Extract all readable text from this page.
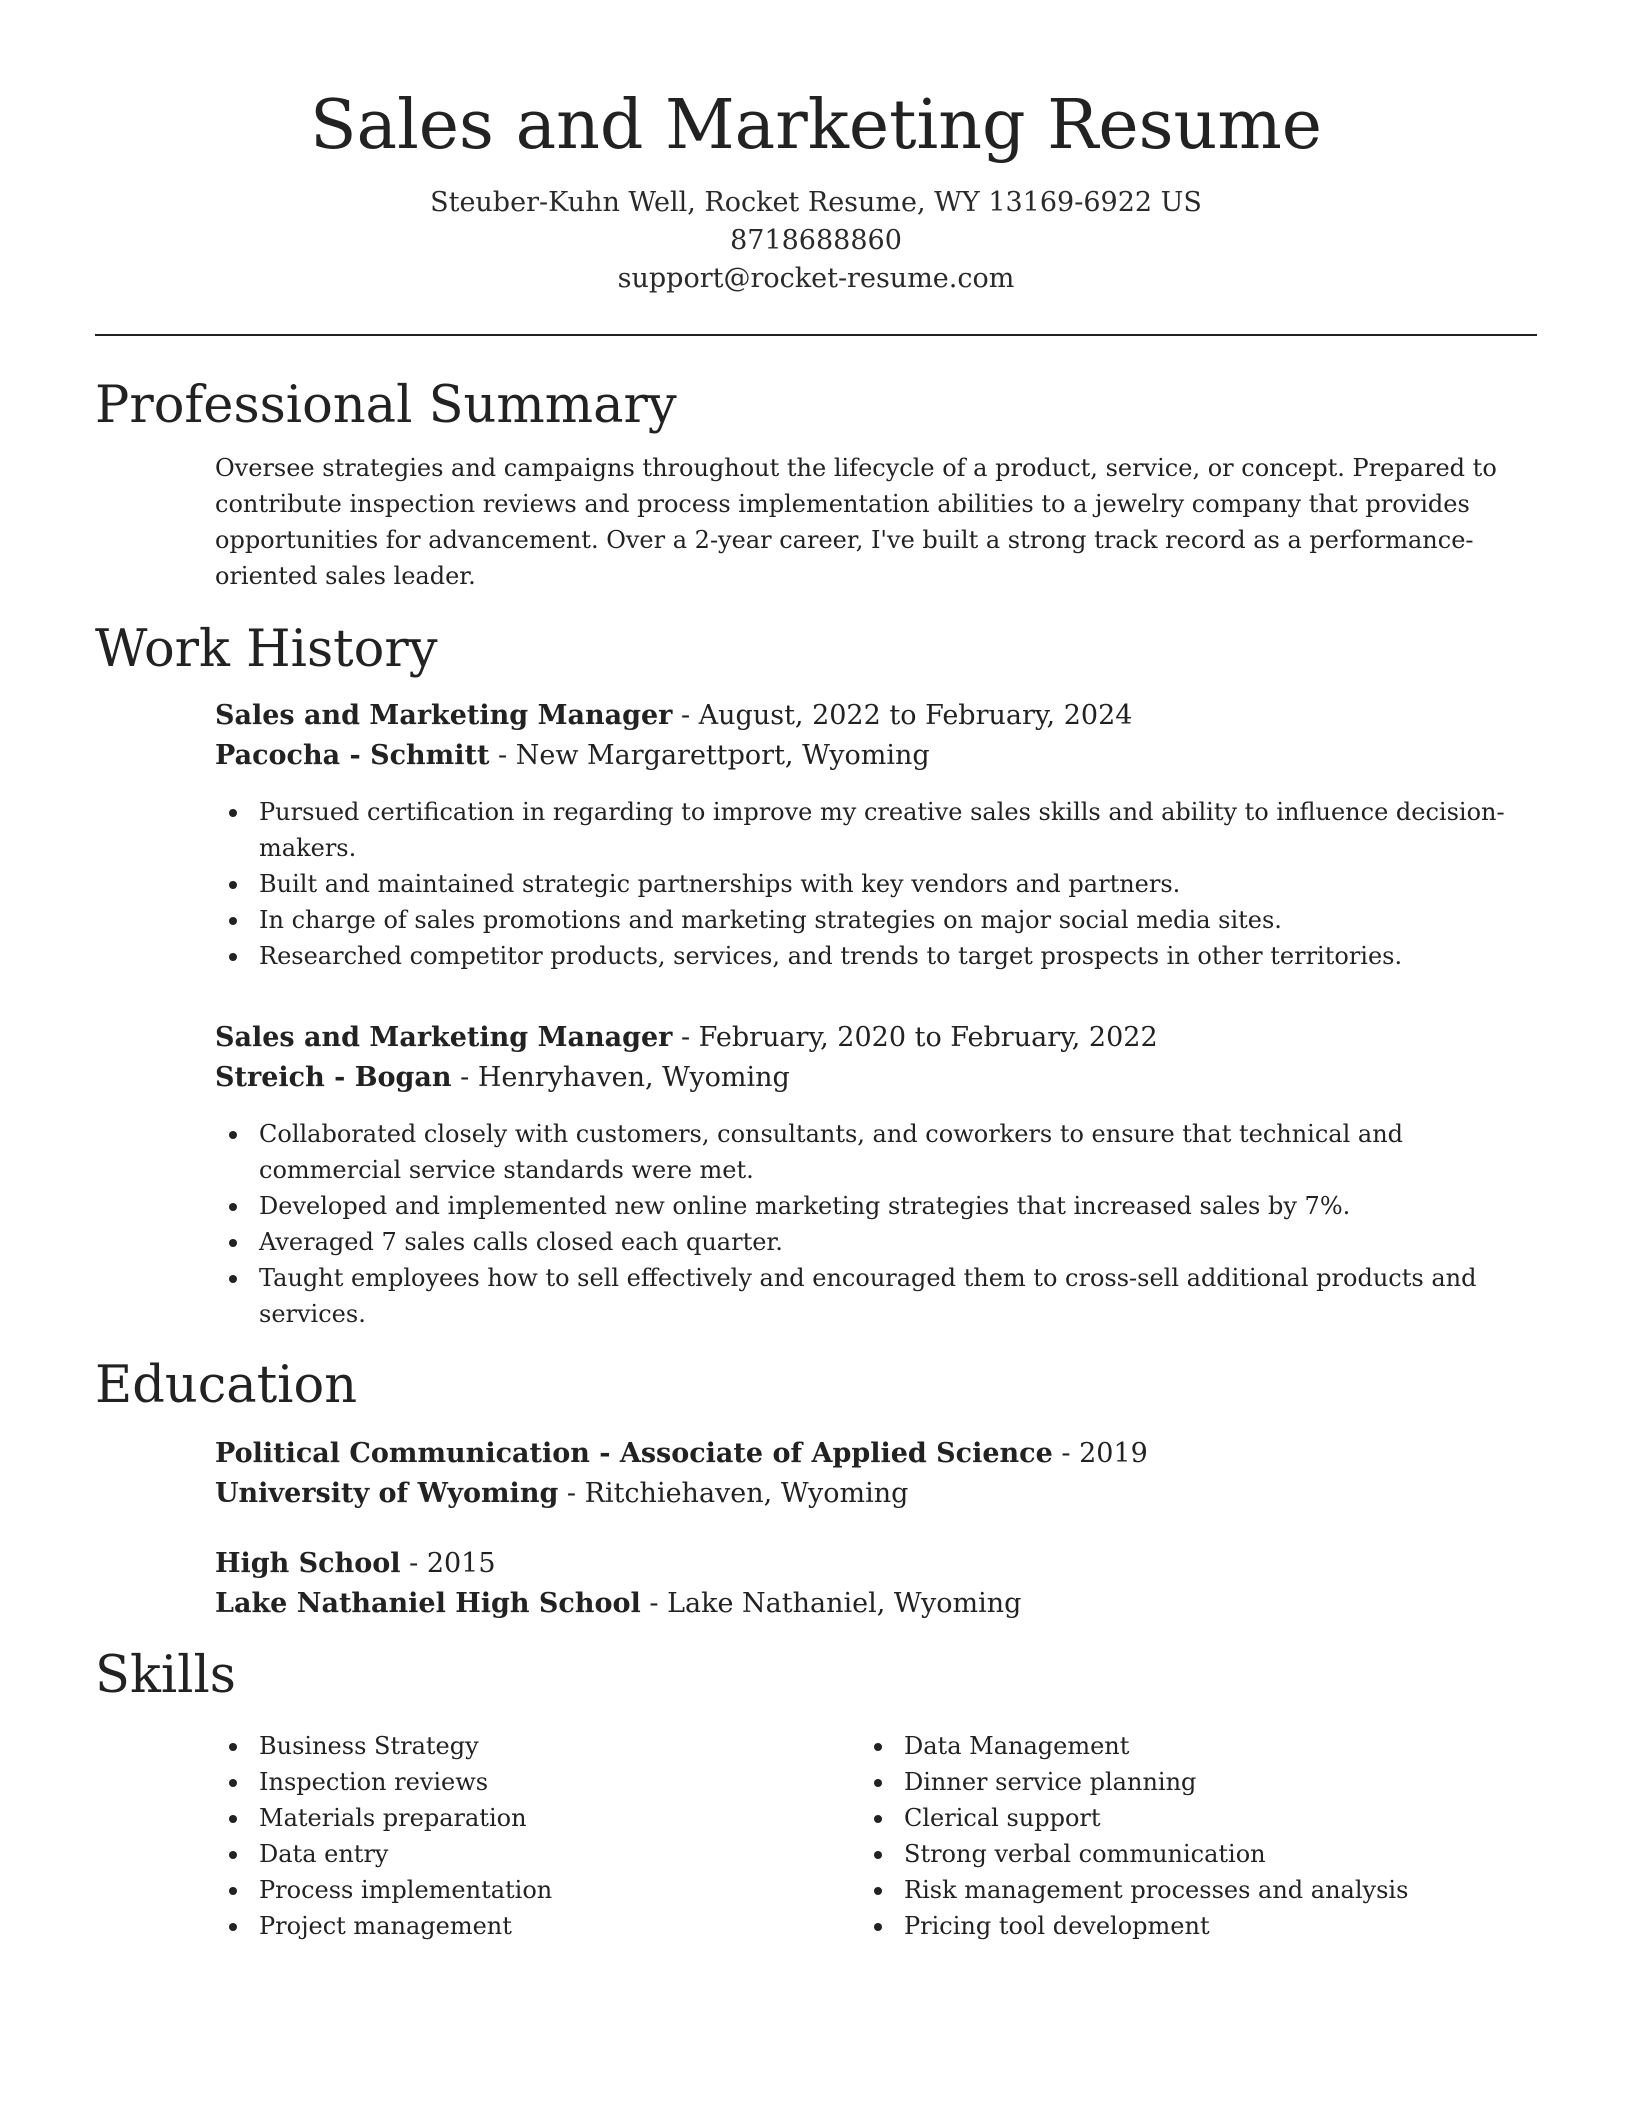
Sales and Marketing Resume
Steuber-Kuhn Well, Rocket Resume, WY 13169-6922 US
8718688860
support@rocket-resume.com
Professional Summary

Oversee strategies and campaigns throughout the lifecycle of a product, service, or concept. Prepared to contribute inspection reviews and process implementation abilities to a jewelry company that provides opportunities for advancement. Over a 2-year career, I've built a strong track record as a performance-oriented sales leader.

Work History
Sales and Marketing Manager - August, 2022 to February, 2024
Pacocha - Schmitt - New Margarettport, Wyoming
Pursued certification in regarding to improve my creative sales skills and ability to influence decision-makers.
Built and maintained strategic partnerships with key vendors and partners.
In charge of sales promotions and marketing strategies on major social media sites.
Researched competitor products, services, and trends to target prospects in other territories.
Sales and Marketing Manager - February, 2020 to February, 2022
Streich - Bogan - Henryhaven, Wyoming
Collaborated closely with customers, consultants, and coworkers to ensure that technical and commercial service standards were met.
Developed and implemented new online marketing strategies that increased sales by 7%.
Averaged 7 sales calls closed each quarter.
Taught employees how to sell effectively and encouraged them to cross-sell additional products and services.
Education
Political Communication - Associate of Applied Science - 2019
University of Wyoming - Ritchiehaven, Wyoming
High School - 2015
Lake Nathaniel High School - Lake Nathaniel, Wyoming
Skills
Business Strategy
Inspection reviews
Materials preparation
Data entry
Process implementation
Project management
Data Management
Dinner service planning
Clerical support
Strong verbal communication
Risk management processes and analysis
Pricing tool development
